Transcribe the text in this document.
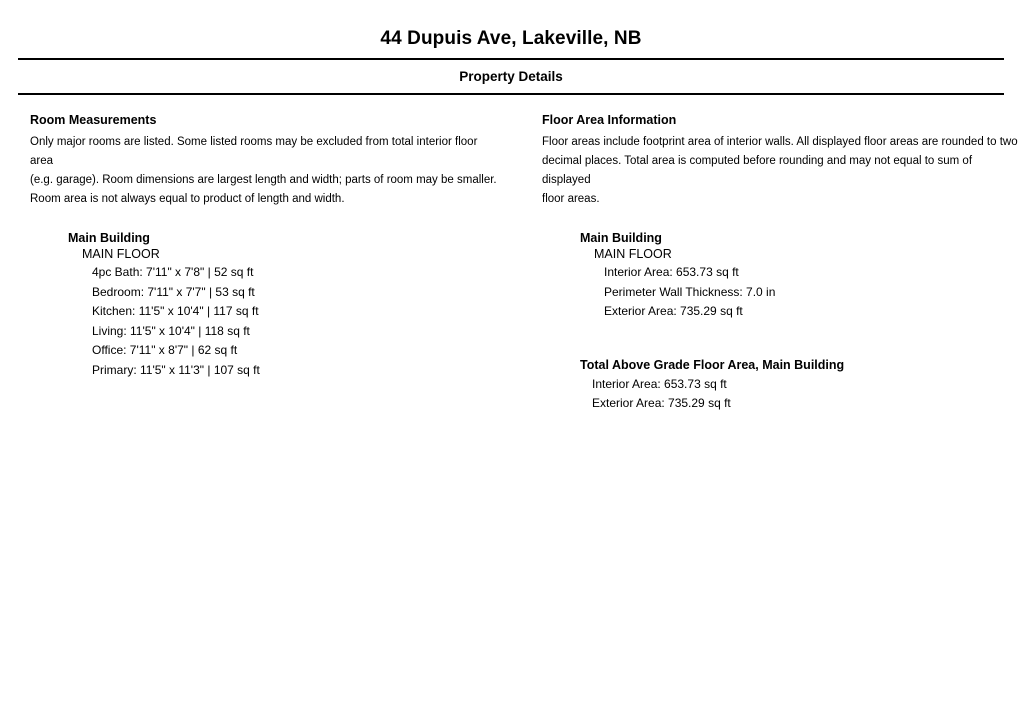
44 Dupuis Ave, Lakeville, NB
Property Details
Room Measurements
Only major rooms are listed. Some listed rooms may be excluded from total interior floor area
(e.g. garage). Room dimensions are largest length and width; parts of room may be smaller.
Room area is not always equal to product of length and width.
Main Building
MAIN FLOOR
4pc Bath: 7'11" x 7'8" | 52 sq ft
Bedroom: 7'11" x 7'7" | 53 sq ft
Kitchen: 11'5" x 10'4" | 117 sq ft
Living: 11'5" x 10'4" | 118 sq ft
Office: 7'11" x 8'7" | 62 sq ft
Primary: 11'5" x 11'3" | 107 sq ft
Floor Area Information
Floor areas include footprint area of interior walls. All displayed floor areas are rounded to two
decimal places. Total area is computed before rounding and may not equal to sum of displayed
floor areas.
Main Building
MAIN FLOOR
Interior Area: 653.73 sq ft
Perimeter Wall Thickness: 7.0 in
Exterior Area: 735.29 sq ft
Total Above Grade Floor Area, Main Building
Interior Area: 653.73 sq ft
Exterior Area: 735.29 sq ft
